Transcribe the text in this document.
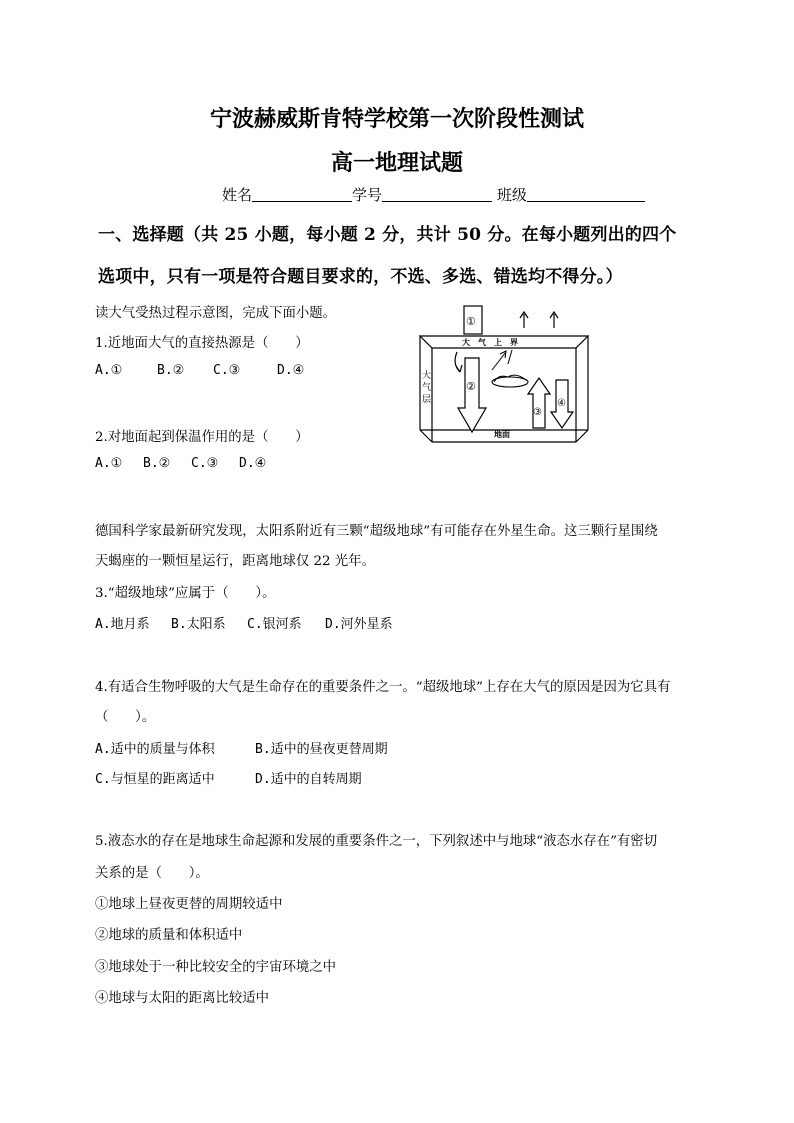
宁波赫威斯肯特学校第一次阶段性测试
高一地理试题
姓名	学号	班级
一、选择题（共 25 小题，每小题 2 分，共计 50 分。在每小题列出的四个
选项中，只有一项是符合题目要求的，不选、多选、错选均不得分。）
读大气受热过程示意图，完成下面小题。
1.近地面大气的直接热源是（　　）
A.①	B.② C.③	D.④
2.对地面起到保温作用的是（　　）
A.① B.② C.③ D.④
大　气　上　界
大
气
层
地面
①
②
③
④
德国科学家最新研究发现，太阳系附近有三颗“超级地球”有可能存在外星生命。这三颗行星围绕
天蝎座的一颗恒星运行，距离地球仅 22 光年。
3.“超级地球”应属于（　　）。
A.地月系 B.太阳系 C.银河系 D.河外星系
4.有适合生物呼吸的大气是生命存在的重要条件之一。“超级地球”上存在大气的原因是因为它具有
（　　）。
A.适中的质量与体积	B.适中的昼夜更替周期
C.与恒星的距离适中	D.适中的自转周期
5.液态水的存在是地球生命起源和发展的重要条件之一，下列叙述中与地球“液态水存在”有密切
关系的是（　　）。
①地球上昼夜更替的周期较适中
②地球的质量和体积适中
③地球处于一种比较安全的宇宙环境之中
④地球与太阳的距离比较适中
